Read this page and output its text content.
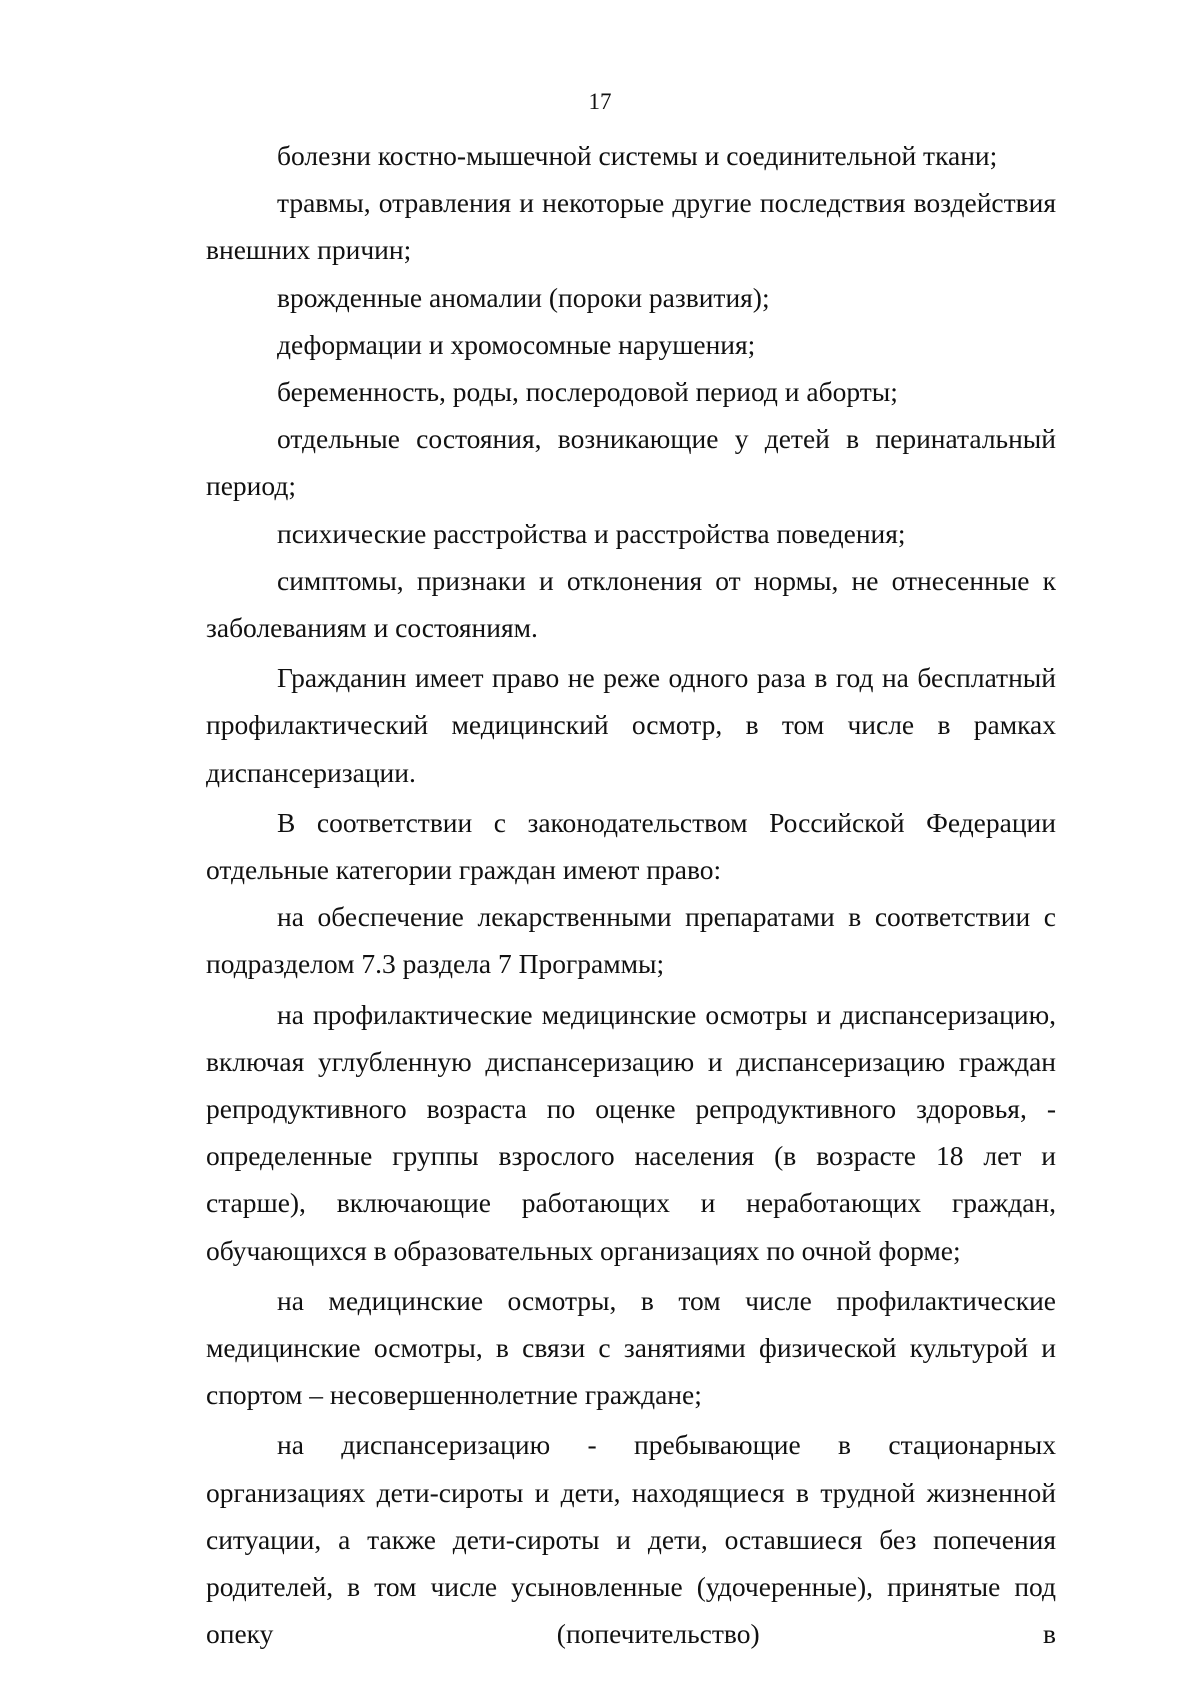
17

болезни костно-мышечной системы и соединительной ткани;

травмы, отравления и некоторые другие последствия воздействия внешних причин;

врожденные аномалии (пороки развития);

деформации и хромосомные нарушения;

беременность, роды, послеродовой период и аборты;

отдельные состояния, возникающие у детей в перинатальный период;

психические расстройства и расстройства поведения;

симптомы, признаки и отклонения от нормы, не отнесенные к заболеваниям и состояниям.

Гражданин имеет право не реже одного раза в год на бесплатный профилактический медицинский осмотр, в том числе в рамках диспансеризации.

В соответствии с законодательством Российской Федерации отдельные категории граждан имеют право:

на обеспечение лекарственными препаратами в соответствии с подразделом 7.3 раздела 7 Программы;

на профилактические медицинские осмотры и диспансеризацию, включая углубленную диспансеризацию и диспансеризацию граждан репродуктивного возраста по оценке репродуктивного здоровья, - определенные группы взрослого населения (в возрасте 18 лет и старше), включающие работающих и неработающих граждан, обучающихся в образовательных организациях по очной форме;

на медицинские осмотры, в том числе профилактические медицинские осмотры, в связи с занятиями физической культурой и спортом – несовершеннолетние граждане;

на диспансеризацию - пребывающие в стационарных организациях дети-сироты и дети, находящиеся в трудной жизненной ситуации, а также дети-сироты и дети, оставшиеся без попечения родителей, в том числе усыновленные (удочеренные), принятые под опеку (попечительство) в
